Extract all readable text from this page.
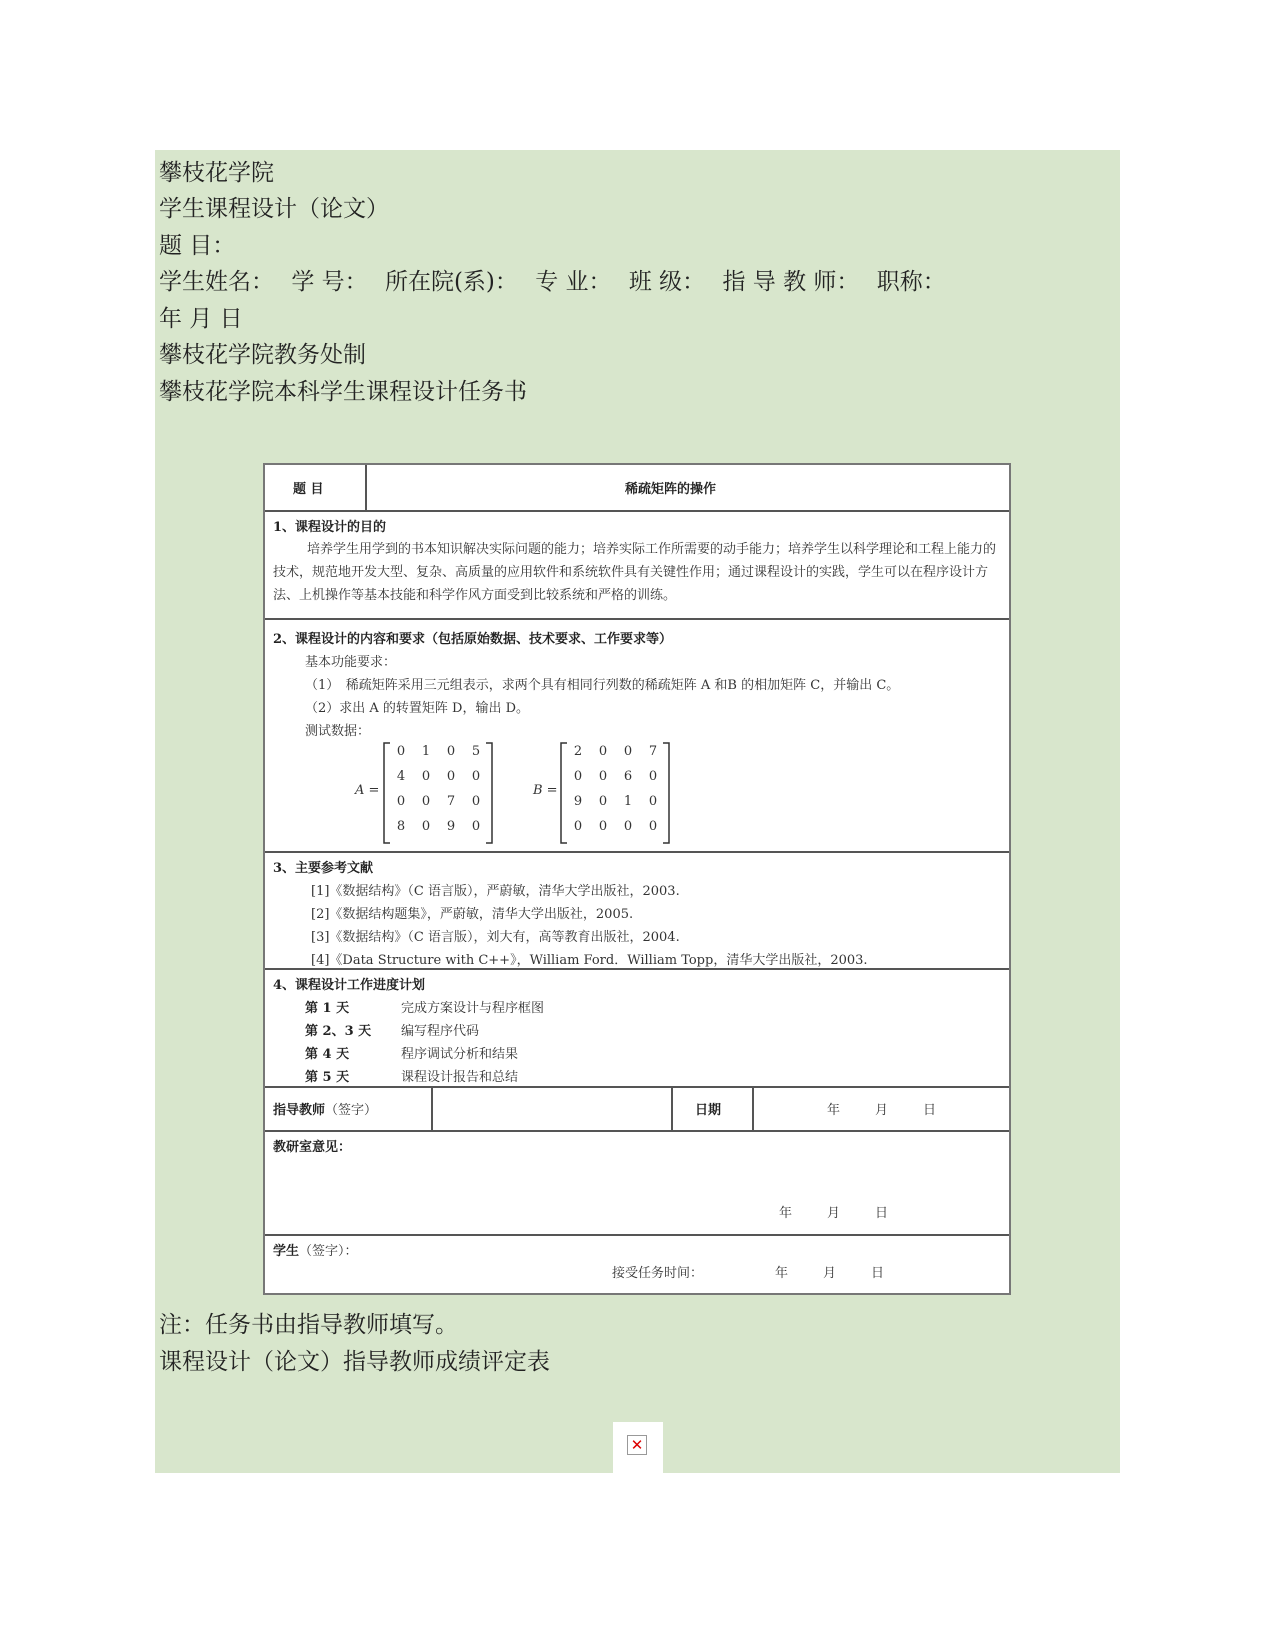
攀枝花学院
学生课程设计（论文）
题 目：
学生姓名： 学 号： 所在院(系)： 专 业： 班 级： 指 导 教 师： 职称：
年 月 日
攀枝花学院教务处制
攀枝花学院本科学生课程设计任务书
题 目	稀疏矩阵的操作
1、课程设计的目的
培养学生用学到的书本知识解决实际问题的能力；培养实际工作所需要的动手能力；培养学生以科学理论和工程上能力的技术，规范地开发大型、复杂、高质量的应用软件和系统软件具有关键性作用；通过课程设计的实践，学生可以在程序设计方法、上机操作等基本技能和科学作风方面受到比较系统和严格的训练。
2、课程设计的内容和要求（包括原始数据、技术要求、工作要求等）
基本功能要求：
（1）　稀疏矩阵采用三元组表示，求两个具有相同行列数的稀疏矩阵 A 和B 的相加矩阵 C，并输出 C。
（2）求出 A 的转置矩阵 D，输出 D。
测试数据：
A =
0	1	0	5
4	0	0	0
0	0	7	0
8	0	9	0
B =
2	0	0	7
0	0	6	0
9	0	1	0
0	0	0	0
3、主要参考文献
[1]《数据结构》（C 语言版），严蔚敏，清华大学出版社，2003.
[2]《数据结构题集》，严蔚敏，清华大学出版社，2005.
[3]《数据结构》（C 语言版），刘大有，高等教育出版社，2004.
[4]《Data Structure with C++》，William Ford．William Topp，清华大学出版社，2003.
4、课程设计工作进度计划
第 1 天	完成方案设计与程序框图
第 2、3 天 编写程序代码
第 4 天	程序调试分析和结果
第 5 天	课程设计报告和总结
指导教师（签字）	日期	年	月	日
教研室意见：
年	月	日
学生（签字）：
接受任务时间：	年	月	日
注：任务书由指导教师填写。
课程设计（论文）指导教师成绩评定表
✕
